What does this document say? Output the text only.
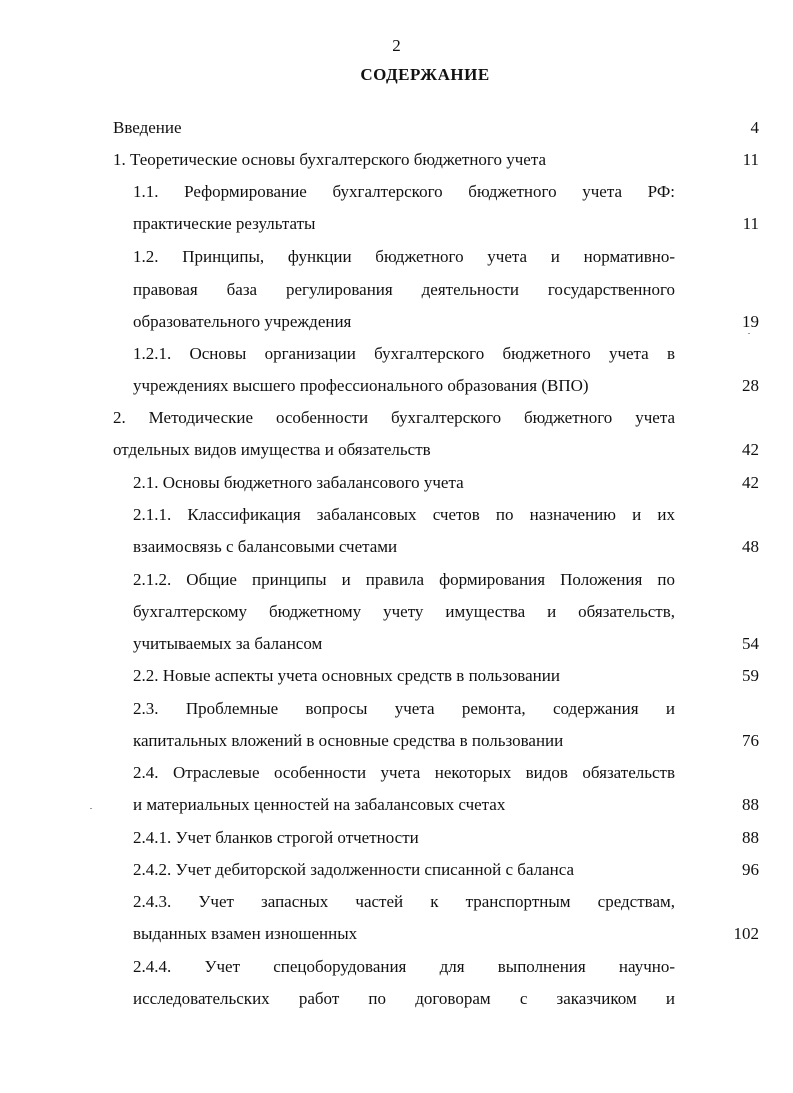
2
СОДЕРЖАНИЕ
Введение	4
1. Теоретические основы бухгалтерского бюджетного учета	11
1.1. Реформирование бухгалтерского бюджетного учета РФ:
практические результаты	11
1.2. Принципы, функции бюджетного учета и нормативно-
правовая база регулирования деятельности государственного
образовательного учреждения	19
1.2.1. Основы организации бухгалтерского бюджетного учета в
учреждениях высшего профессионального образования (ВПО)	28
2. Методические особенности бухгалтерского бюджетного учета
отдельных видов имущества и обязательств	42
2.1. Основы бюджетного забалансового учета	42
2.1.1. Классификация забалансовых счетов по назначению и их
взаимосвязь с балансовыми счетами	48
2.1.2. Общие принципы и правила формирования Положения по
бухгалтерскому бюджетному учету имущества и обязательств,
учитываемых за балансом	54
2.2. Новые аспекты учета основных средств в пользовании	59
2.3. Проблемные вопросы учета ремонта, содержания и
капитальных вложений в основные средства в пользовании	76
2.4. Отраслевые особенности учета некоторых видов обязательств
и материальных ценностей на забалансовых счетах	88
2.4.1. Учет бланков строгой отчетности	88
2.4.2. Учет дебиторской задолженности списанной с баланса	96
2.4.3. Учет запасных частей к транспортным средствам,
выданных взамен изношенных	102
2.4.4. Учет спецоборудования для выполнения научно-
исследовательских работ по договорам с заказчиком и
